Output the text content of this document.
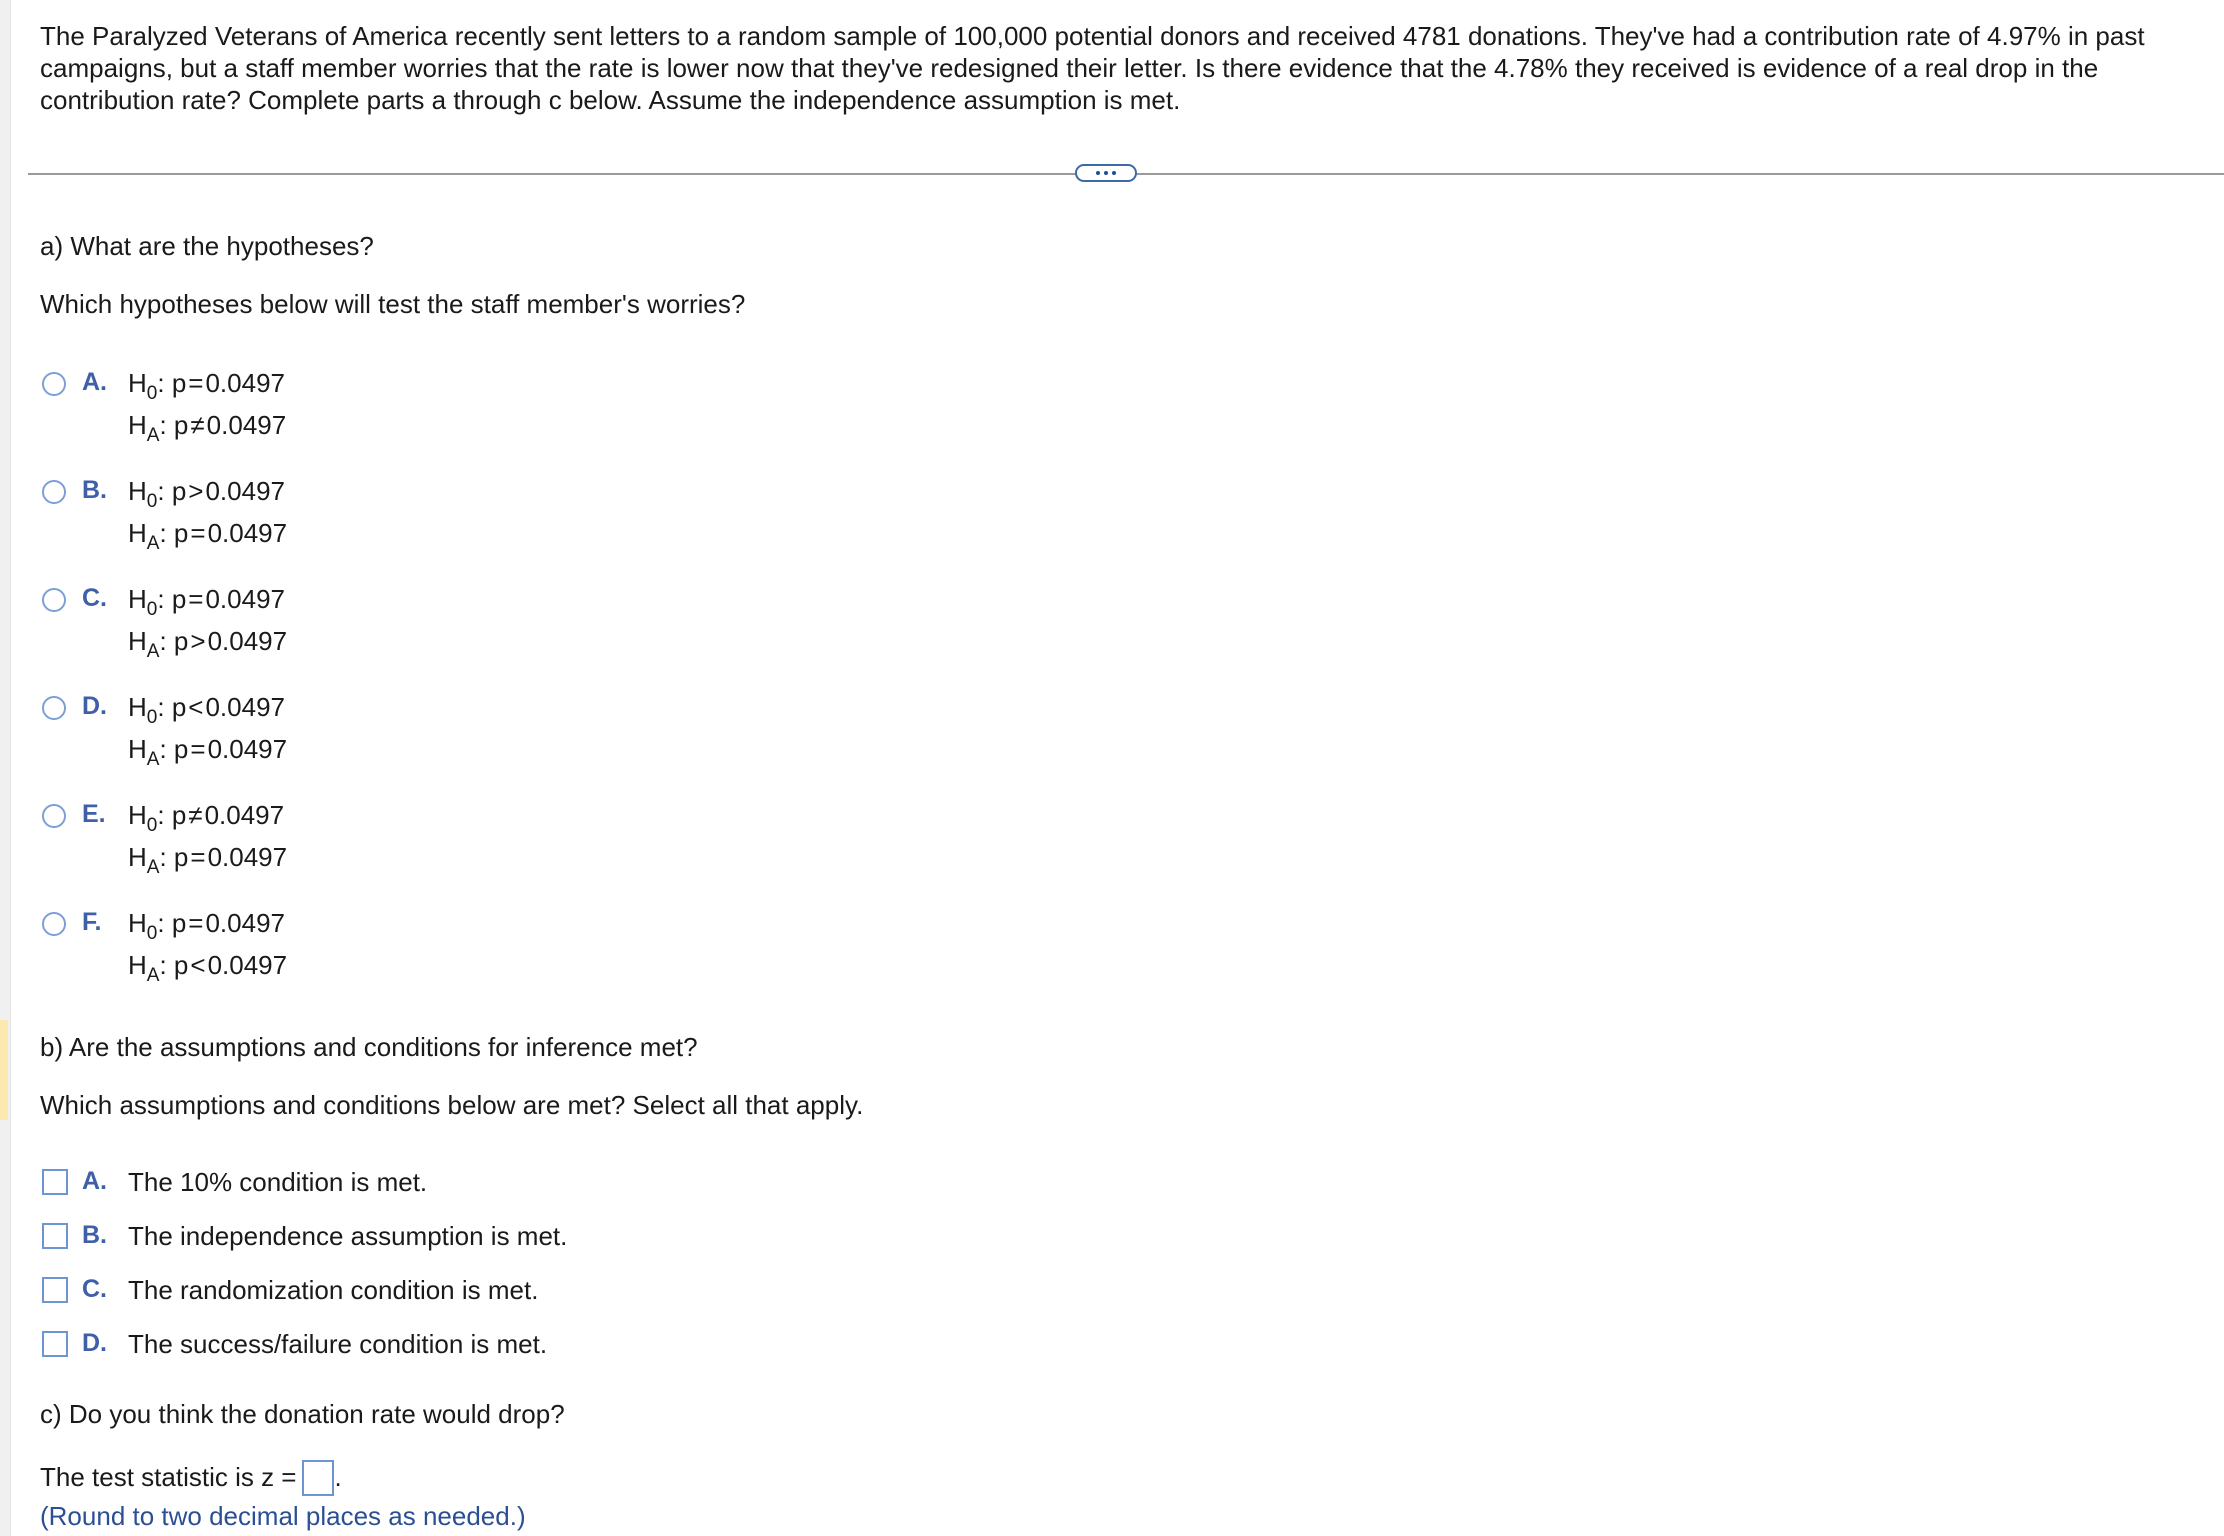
The Paralyzed Veterans of America recently sent letters to a random sample of 100,000 potential donors and received 4781 donations. They've had a contribution rate of 4.97% in past campaigns, but a staff member worries that the rate is lower now that they've redesigned their letter. Is there evidence that the 4.78% they received is evidence of a real drop in the contribution rate? Complete parts a through c below. Assume the independence assumption is met.

a) What are the hypotheses?

Which hypotheses below will test the staff member's worries?

A. $H_0$: p=0.0497
$H_A$: p≠0.0497
B. $H_0$: p>0.0497
$H_A$: p=0.0497
C. $H_0$: p=0.0497
$H_A$: p>0.0497
D. $H_0$: p<0.0497
$H_A$: p=0.0497
E. $H_0$: p≠0.0497
$H_A$: p=0.0497
F. $H_0$: p=0.0497
$H_A$: p<0.0497

b) Are the assumptions and conditions for inference met?

Which assumptions and conditions below are met? Select all that apply.

A. The 10% condition is met.
B. The independence assumption is met.
C. The randomization condition is met.
D. The success/failure condition is met.

c) Do you think the donation rate would drop?

The test statistic is z = .

(Round to two decimal places as needed.)
